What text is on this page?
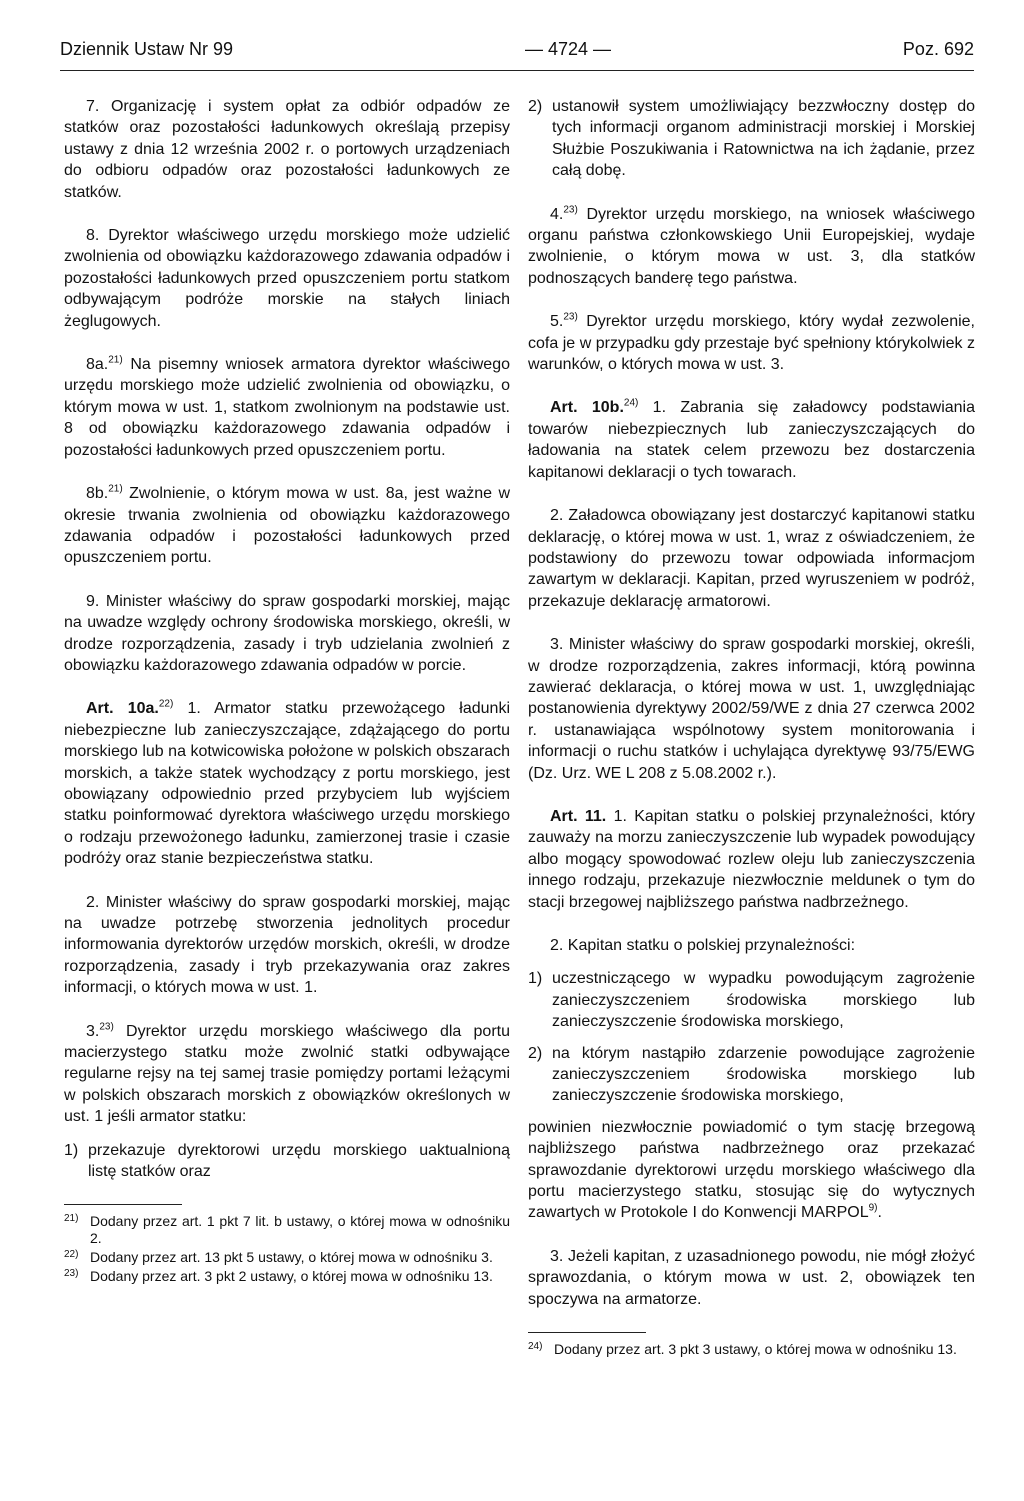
Dziennik Ustaw Nr 99	— 4724 —	Poz. 692

7. Organizację i system opłat za odbiór odpadów ze statków oraz pozostałości ładunkowych określają przepisy ustawy z dnia 12 września 2002 r. o portowych urządzeniach do odbioru odpadów oraz pozostałości ładunkowych ze statków.

8. Dyrektor właściwego urzędu morskiego może udzielić zwolnienia od obowiązku każdorazowego zdawania odpadów i pozostałości ładunkowych przed opuszczeniem portu statkom odbywającym podróże morskie na stałych liniach żeglugowych.

8a.$^{21)}$ Na pisemny wniosek armatora dyrektor właściwego urzędu morskiego może udzielić zwolnienia od obowiązku, o którym mowa w ust. 1, statkom zwolnionym na podstawie ust. 8 od obowiązku każdorazowego zdawania odpadów i pozostałości ładunkowych przed opuszczeniem portu.

8b.$^{21)}$ Zwolnienie, o którym mowa w ust. 8a, jest ważne w okresie trwania zwolnienia od obowiązku każdorazowego zdawania odpadów i pozostałości ładunkowych przed opuszczeniem portu.

9. Minister właściwy do spraw gospodarki morskiej, mając na uwadze względy ochrony środowiska morskiego, określi, w drodze rozporządzenia, zasady i tryb udzielania zwolnień z obowiązku każdorazowego zdawania odpadów w porcie.

Art. 10a.$^{22)}$ 1. Armator statku przewożącego ładunki niebezpieczne lub zanieczyszczające, zdążającego do portu morskiego lub na kotwicowiska położone w polskich obszarach morskich, a także statek wychodzący z portu morskiego, jest obowiązany odpowiednio przed przybyciem lub wyjściem statku poinformować dyrektora właściwego urzędu morskiego o rodzaju przewożonego ładunku, zamierzonej trasie i czasie podróży oraz stanie bezpieczeństwa statku.

2. Minister właściwy do spraw gospodarki morskiej, mając na uwadze potrzebę stworzenia jednolitych procedur informowania dyrektorów urzędów morskich, określi, w drodze rozporządzenia, zasady i tryb przekazywania oraz zakres informacji, o których mowa w ust. 1.

3.$^{23)}$ Dyrektor urzędu morskiego właściwego dla portu macierzystego statku może zwolnić statki odbywające regularne rejsy na tej samej trasie pomiędzy portami leżącymi w polskich obszarach morskich z obowiązków określonych w ust. 1 jeśli armator statku:

1) przekazuje dyrektorowi urzędu morskiego uaktualnioną listę statków oraz
21) Dodany przez art. 1 pkt 7 lit. b ustawy, o której mowa w odnośniku 2.
22) Dodany przez art. 13 pkt 5 ustawy, o której mowa w odnośniku 3.
23) Dodany przez art. 3 pkt 2 ustawy, o której mowa w odnośniku 13.
2) ustanowił system umożliwiający bezzwłoczny dostęp do tych informacji organom administracji morskiej i Morskiej Służbie Poszukiwania i Ratownictwa na ich żądanie, przez całą dobę.

4.$^{23)}$ Dyrektor urzędu morskiego, na wniosek właściwego organu państwa członkowskiego Unii Europejskiej, wydaje zwolnienie, o którym mowa w ust. 3, dla statków podnoszących banderę tego państwa.

5.$^{23)}$ Dyrektor urzędu morskiego, który wydał zezwolenie, cofa je w przypadku gdy przestaje być spełniony którykolwiek z warunków, o których mowa w ust. 3.

Art. 10b.$^{24)}$ 1. Zabrania się załadowcy podstawiania towarów niebezpiecznych lub zanieczyszczających do ładowania na statek celem przewozu bez dostarczenia kapitanowi deklaracji o tych towarach.

2. Załadowca obowiązany jest dostarczyć kapitanowi statku deklarację, o której mowa w ust. 1, wraz z oświadczeniem, że podstawiony do przewozu towar odpowiada informacjom zawartym w deklaracji. Kapitan, przed wyruszeniem w podróż, przekazuje deklarację armatorowi.

3. Minister właściwy do spraw gospodarki morskiej, określi, w drodze rozporządzenia, zakres informacji, którą powinna zawierać deklaracja, o której mowa w ust. 1, uwzględniając postanowienia dyrektywy 2002/59/WE z dnia 27 czerwca 2002 r. ustanawiająca wspólnotowy system monitorowania i informacji o ruchu statków i uchylająca dyrektywę 93/75/EWG (Dz. Urz. WE L 208 z 5.08.2002 r.).

Art. 11. 1. Kapitan statku o polskiej przynależności, który zauważy na morzu zanieczyszczenie lub wypadek powodujący albo mogący spowodować rozlew oleju lub zanieczyszczenia innego rodzaju, przekazuje niezwłocznie meldunek o tym do stacji brzegowej najbliższego państwa nadbrzeżnego.

2. Kapitan statku o polskiej przynależności:

1) uczestniczącego w wypadku powodującym zagrożenie zanieczyszczeniem środowiska morskiego lub zanieczyszczenie środowiska morskiego,
2) na którym nastąpiło zdarzenie powodujące zagrożenie zanieczyszczeniem środowiska morskiego lub zanieczyszczenie środowiska morskiego,

powinien niezwłocznie powiadomić o tym stację brzegową najbliższego państwa nadbrzeżnego oraz przekazać sprawozdanie dyrektorowi urzędu morskiego właściwego dla portu macierzystego statku, stosując się do wytycznych zawartych w Protokole I do Konwencji MARPOL$^{9)}$.

3. Jeżeli kapitan, z uzasadnionego powodu, nie mógł złożyć sprawozdania, o którym mowa w ust. 2, obowiązek ten spoczywa na armatorze.

24) Dodany przez art. 3 pkt 3 ustawy, o której mowa w odnośniku 13.
